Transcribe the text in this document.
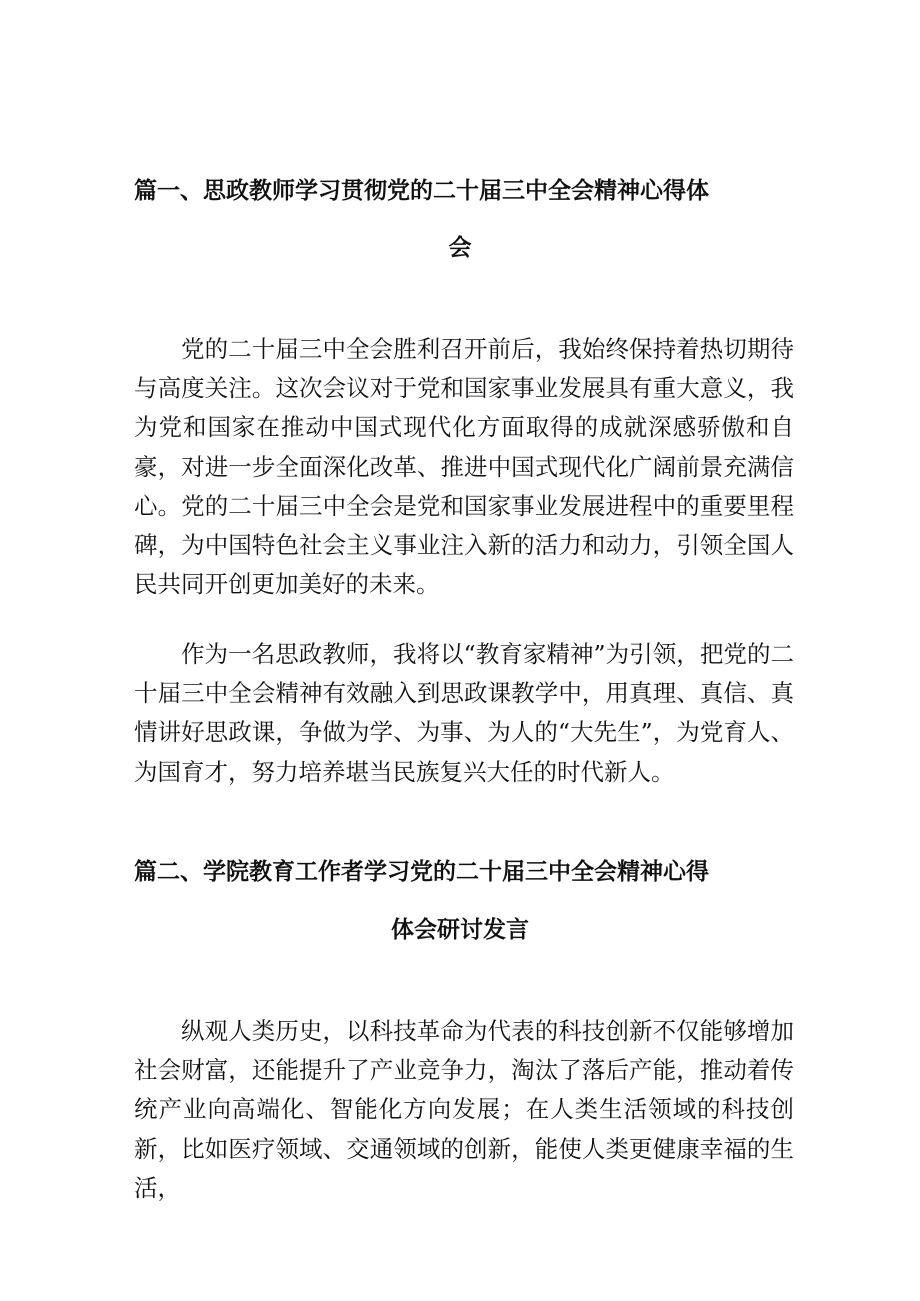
篇一、思政教师学习贯彻党的二十届三中全会精神心得体
会

党的二十届三中全会胜利召开前后，我始终保持着热切期待与高度关注。这次会议对于党和国家事业发展具有重大意义，我为党和国家在推动中国式现代化方面取得的成就深感骄傲和自豪，对进一步全面深化改革、推进中国式现代化广阔前景充满信心。党的二十届三中全会是党和国家事业发展进程中的重要里程碑，为中国特色社会主义事业注入新的活力和动力，引领全国人民共同开创更加美好的未来。

作为一名思政教师，我将以“教育家精神”为引领，把党的二十届三中全会精神有效融入到思政课教学中，用真理、真信、真情讲好思政课，争做为学、为事、为人的“大先生”，为党育人、为国育才，努力培养堪当民族复兴大任的时代新人。

篇二、学院教育工作者学习党的二十届三中全会精神心得
体会研讨发言

纵观人类历史，以科技革命为代表的科技创新不仅能够增加社会财富，还能提升了产业竞争力，淘汰了落后产能，推动着传统产业向高端化、智能化方向发展；在人类生活领域的科技创新，比如医疗领域、交通领域的创新，能使人类更健康幸福的生活，
